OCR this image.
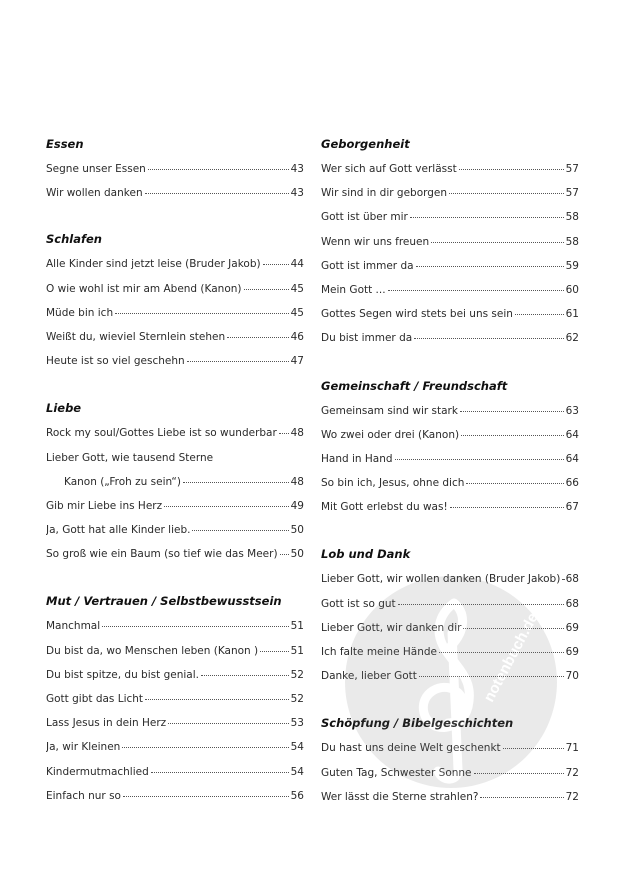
Essen
Segne unser Essen	43
Wir wollen danken	43
Schlafen
Alle Kinder sind jetzt leise (Bruder Jakob)	44
O wie wohl ist mir am Abend (Kanon)	45
Müde bin ich	45
Weißt du, wieviel Sternlein stehen	46
Heute ist so viel geschehn	47
Liebe
Rock my soul/Gottes Liebe ist so wunderbar 48
Lieber Gott, wie tausend Sterne
Kanon („Froh zu sein“)	48
Gib mir Liebe ins Herz	49
Ja, Gott hat alle Kinder lieb.	50
So groß wie ein Baum (so tief wie das Meer) 50
Mut / Vertrauen / Selbstbewusstsein
Manchmal	51
Du bist da, wo Menschen leben (Kanon )	51
Du bist spitze, du bist genial.	52
Gott gibt das Licht	52
Lass Jesus in dein Herz	53
Ja, wir Kleinen	54
Kindermutmachlied	54
Einfach nur so	56
Geborgenheit
Wer sich auf Gott verlässt	57
Wir sind in dir geborgen	57
Gott ist über mir	58
Wenn wir uns freuen	58
Gott ist immer da	59
Mein Gott ...	60
Gottes Segen wird stets bei uns sein	61
Du bist immer da	62
Gemeinschaft / Freundschaft
Gemeinsam sind wir stark	63
Wo zwei oder drei (Kanon)	64
Hand in Hand	64
So bin ich, Jesus, ohne dich	66
Mit Gott erlebst du was!	67
Lob und Dank
Lieber Gott, wir wollen danken (Bruder Jakob) 68
Gott ist so gut	68
Lieber Gott, wir danken dir	69
Ich falte meine Hände	69
Danke, lieber Gott	70
Schöpfung / Bibelgeschichten
Du hast uns deine Welt geschenkt	71
Guten Tag, Schwester Sonne	72
Wer lässt die Sterne strahlen?	72
notenbuch.de
